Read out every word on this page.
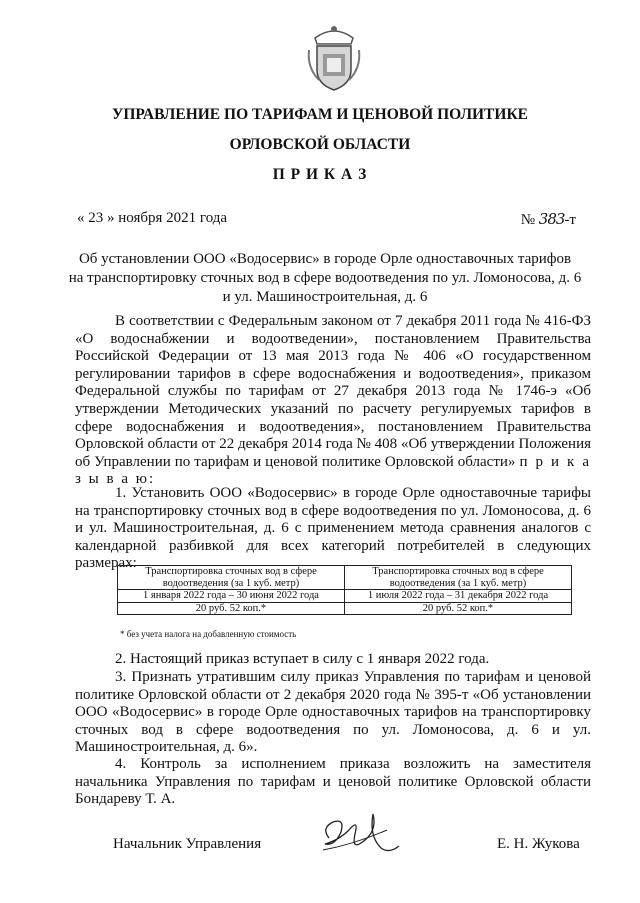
УПРАВЛЕНИЕ ПО ТАРИФАМ И ЦЕНОВОЙ ПОЛИТИКЕ
ОРЛОВСКОЙ ОБЛАСТИ
П Р И К А З
« 23 » ноября 2021 года	№ 383-т
Об установлении ООО «Водосервис» в городе Орле одноставочных тарифов
на транспортировку сточных вод в сфере водоотведения по ул. Ломоносова, д. 6
и ул. Машиностроительная, д. 6

В соответствии с Федеральным законом от 7 декабря 2011 года № 416-ФЗ «О водоснабжении и водоотведении», постановлением Правительства Российской Федерации от 13 мая 2013 года № 406 «О государственном регулировании тарифов в сфере водоснабжения и водоотведения», приказом Федеральной службы по тарифам от 27 декабря 2013 года № 1746-э «Об утверждении Методических указаний по расчету регулируемых тарифов в сфере водоснабжения и водоотведения», постановлением Правительства Орловской области от 22 декабря 2014 года № 408 «Об утверждении Положения об Управлении по тарифам и ценовой политике Орловской области» п р и к а з ы в а ю:

1. Установить ООО «Водосервис» в городе Орле одноставочные тарифы на транспортировку сточных вод в сфере водоотведения по ул. Ломоносова, д. 6 и ул. Машиностроительная, д. 6 с применением метода сравнения аналогов с календарной разбивкой для всех категорий потребителей в следующих размерах:

Транспортировка сточных вод в сфере водоотведения (за 1 куб. метр)	Транспортировка сточных вод в сфере водоотведения (за 1 куб. метр)
1 января 2022 года – 30 июня 2022 года	1 июля 2022 года – 31 декабря 2022 года
20 руб. 52 коп.*	20 руб. 52 коп.*
* без учета налога на добавленную стоимость

2. Настоящий приказ вступает в силу с 1 января 2022 года.

3. Признать утратившим силу приказ Управления по тарифам и ценовой политике Орловской области от 2 декабря 2020 года № 395-т «Об установлении ООО «Водосервис» в городе Орле одноставочных тарифов на транспортировку сточных вод в сфере водоотведения по ул. Ломоносова, д. 6 и ул. Машиностроительная, д. 6».

4. Контроль за исполнением приказа возложить на заместителя начальника Управления по тарифам и ценовой политике Орловской области Бондареву Т. А.

Начальник Управления	Е. Н. Жукова
